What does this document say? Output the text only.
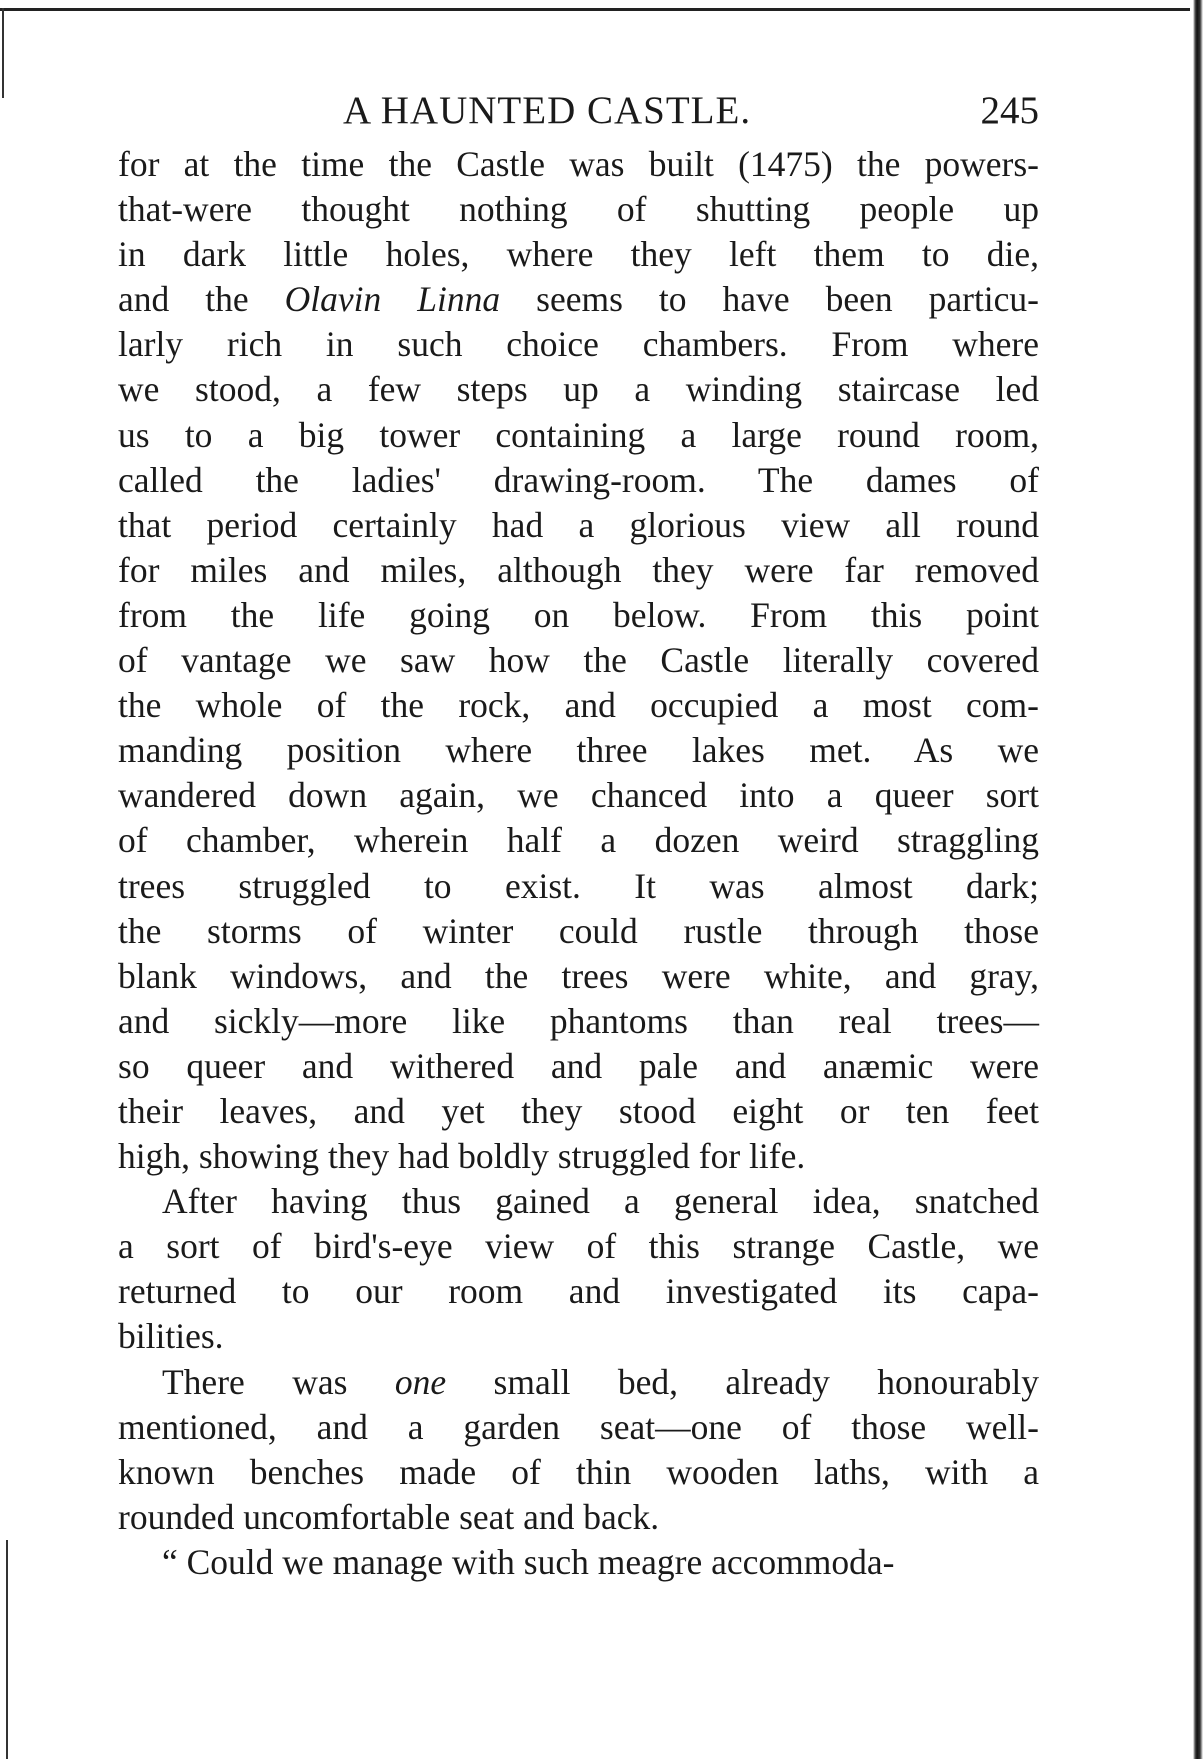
A HAUNTED CASTLE.	245

for at the time the Castle was built (1475) the powers-
that-were thought nothing of shutting people up
in dark little holes, where they left them to die,
and the Olavin Linna seems to have been particu-
larly rich in such choice chambers. From where
we stood, a few steps up a winding staircase led
us to a big tower containing a large round room,
called the ladies' drawing-room. The dames of
that period certainly had a glorious view all round
for miles and miles, although they were far removed
from the life going on below. From this point
of vantage we saw how the Castle literally covered
the whole of the rock, and occupied a most com-
manding position where three lakes met. As we
wandered down again, we chanced into a queer sort
of chamber, wherein half a dozen weird straggling
trees struggled to exist. It was almost dark;
the storms of winter could rustle through those
blank windows, and the trees were white, and gray,
and sickly—more like phantoms than real trees—
so queer and withered and pale and anæmic were
their leaves, and yet they stood eight or ten feet
high, showing they had boldly struggled for life.

After having thus gained a general idea, snatched
a sort of bird's-eye view of this strange Castle, we
returned to our room and investigated its capa-
bilities.

There was one small bed, already honourably
mentioned, and a garden seat—one of those well-
known benches made of thin wooden laths, with a
rounded uncomfortable seat and back.

“ Could we manage with such meagre accommoda-
